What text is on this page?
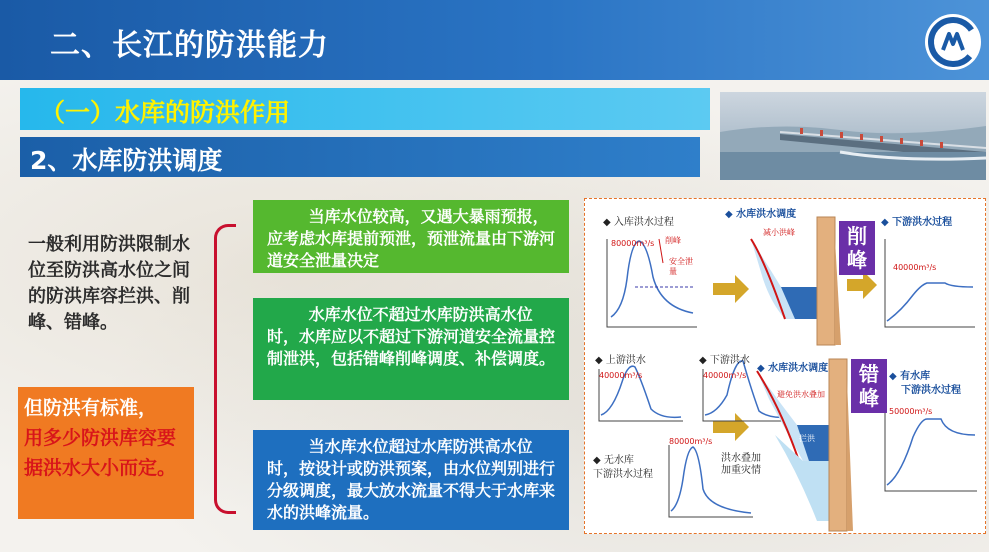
二、长江的防洪能力
（一）水库的防洪作用
2、水库防洪调度
一般利用防洪限制水位至防洪高水位之间的防洪库容拦洪、削峰、错峰。
但防洪有标准，
用多少防洪库容要据洪水大小而定。
当库水位较高，又遇大暴雨预报，应考虑水库提前预泄，预泄流量由下游河道安全泄量决定
水库水位不超过水库防洪高水位时，水库应以不超过下游河道安全流量控制泄洪，包括错峰削峰调度、补偿调度。
当水库水位超过水库防洪高水位时，按设计或防洪预案，由水位判别进行分级调度，最大放水流量不得大于水库来水的洪峰流量。
◆ 入库洪水过程
80000m³/s 削峰
安全泄量
◆ 水库洪水调度
减小洪峰
拦洪
削峰
◆ 下游洪水过程
40000m³/s
◆ 上游洪水
40000m³/s
◆ 下游洪水
40000m³/s
◆ 水库洪水调度
避免洪水叠加
拦洪
错峰
◆ 有水库
下游洪水过程
50000m³/s
◆ 无水库
下游洪水过程
80000m³/s
洪水叠加
加重灾情
